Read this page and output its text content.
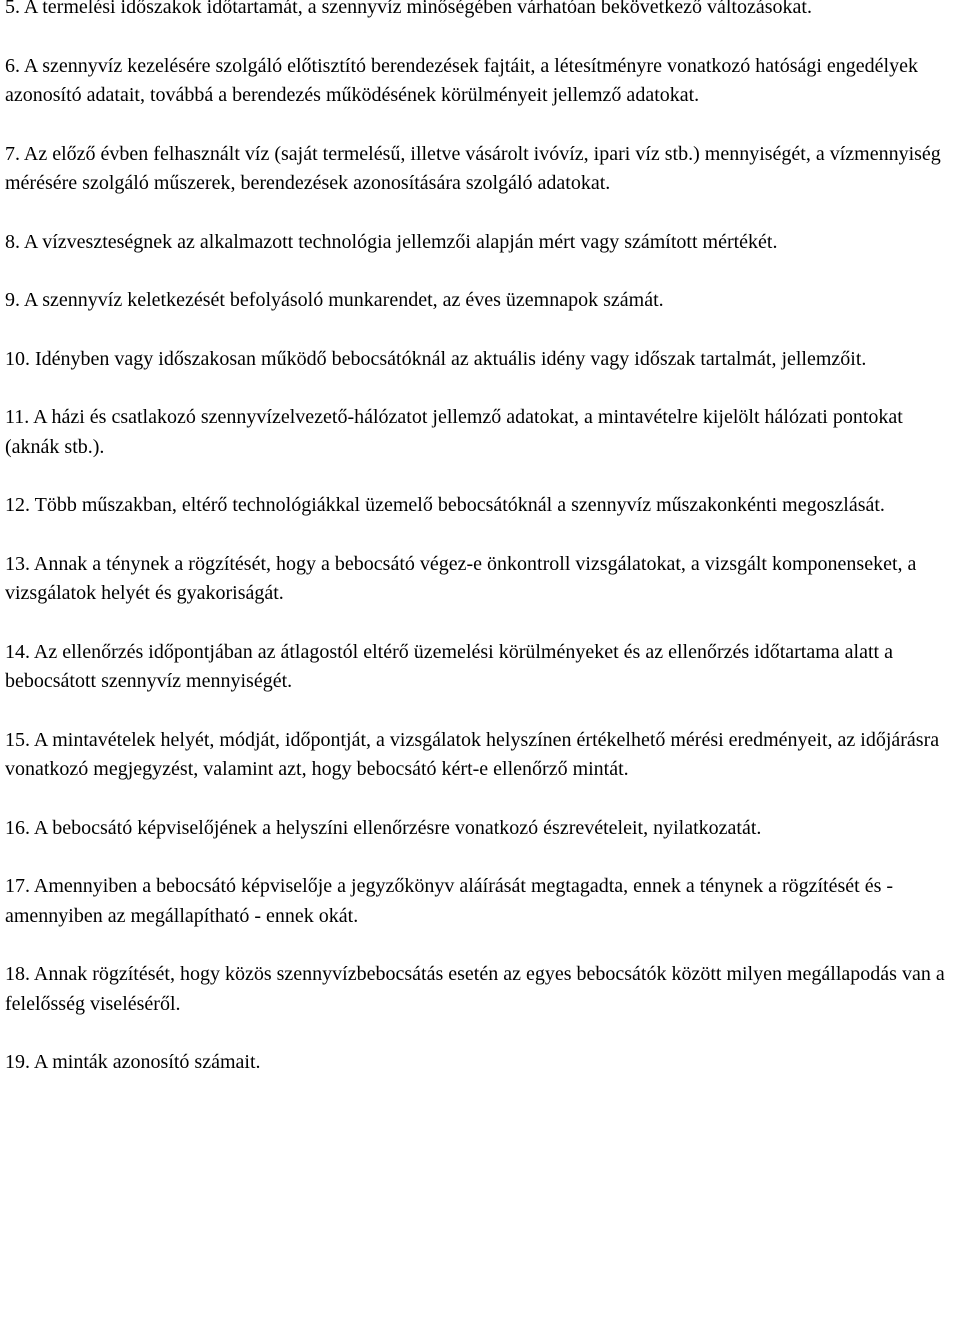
5. A termelési időszakok időtartamát, a szennyvíz minőségében várhatóan bekövetkező változásokat.

6. A szennyvíz kezelésére szolgáló előtisztító berendezések fajtáit, a létesítményre vonatkozó hatósági engedélyek azonosító adatait, továbbá a berendezés működésének körülményeit jellemző adatokat.

7. Az előző évben felhasznált víz (saját termelésű, illetve vásárolt ivóvíz, ipari víz stb.) mennyiségét, a vízmennyiség mérésére szolgáló műszerek, berendezések azonosítására szolgáló adatokat.

8. A vízveszteségnek az alkalmazott technológia jellemzői alapján mért vagy számított mértékét.

9. A szennyvíz keletkezését befolyásoló munkarendet, az éves üzemnapok számát.

10. Idényben vagy időszakosan működő bebocsátóknál az aktuális idény vagy időszak tartalmát, jellemzőit.

11. A házi és csatlakozó szennyvízelvezető-hálózatot jellemző adatokat, a mintavételre kijelölt hálózati pontokat (aknák stb.).

12. Több műszakban, eltérő technológiákkal üzemelő bebocsátóknál a szennyvíz műszakonkénti megoszlását.

13. Annak a ténynek a rögzítését, hogy a bebocsátó végez-e önkontroll vizsgálatokat, a vizsgált komponenseket, a vizsgálatok helyét és gyakoriságát.

14. Az ellenőrzés időpontjában az átlagostól eltérő üzemelési körülményeket és az ellenőrzés időtartama alatt a bebocsátott szennyvíz mennyiségét.

15. A mintavételek helyét, módját, időpontját, a vizsgálatok helyszínen értékelhető mérési eredményeit, az időjárásra vonatkozó megjegyzést, valamint azt, hogy bebocsátó kért-e ellenőrző mintát.

16. A bebocsátó képviselőjének a helyszíni ellenőrzésre vonatkozó észrevételeit, nyilatkozatát.

17. Amennyiben a bebocsátó képviselője a jegyzőkönyv aláírását megtagadta, ennek a ténynek a rögzítését és - amennyiben az megállapítható - ennek okát.

18. Annak rögzítését, hogy közös szennyvízbebocsátás esetén az egyes bebocsátók között milyen megállapodás van a felelősség viseléséről.

19. A minták azonosító számait.
